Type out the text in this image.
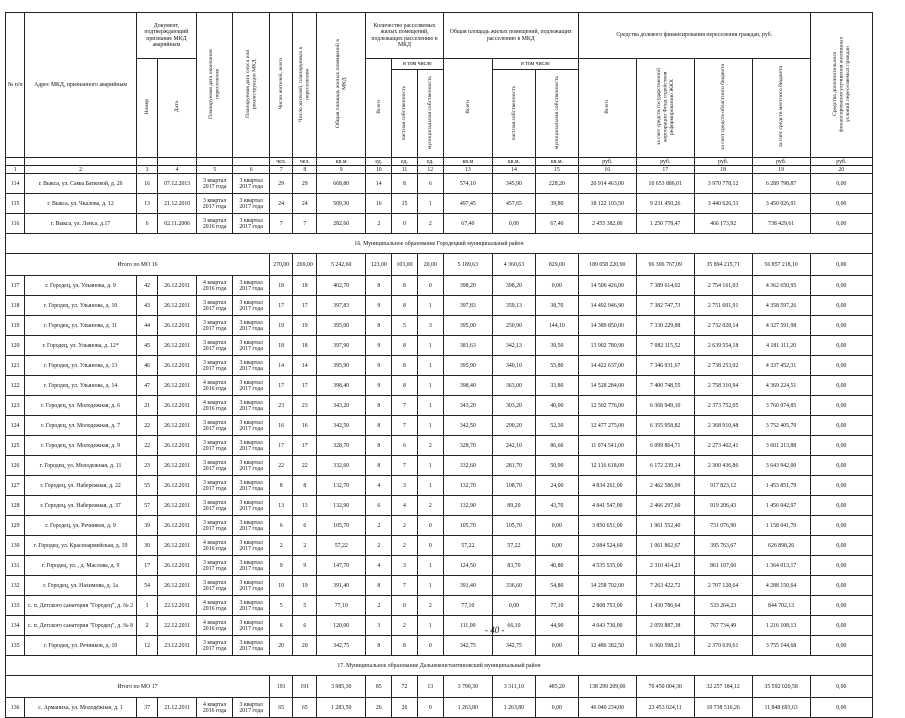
№ п/п	Адрес МКД, признанного аварийным	Документ, подтверждающий признание МКД аварийным		Планируемая дата окончания переселения	Планируемая дата сноса или реконструкции МКД	Число жителей, всего	Число жителей, планируемых к переселению	Общая площадь жилых помещений в МКД	Количество расселяемых жилых помещений, подлежащих расселению в МКД			Общая площадь жилых помещений, подлежащих расселению в МКД			Средства долевого финансирования переселения граждан, руб.				Средства дополнительного финансирования улучшения жилищных условий переселяемых граждан
		Номер	Дата						Всего	в том числе		Всего	в том числе		Всего	за счет средств государственной корпорации Фонд содействия реформированию ЖКХ	за счет средств областного бюджета	за счет средств местного бюджета	
										частная собственность	муниципальная собственность		частная собственность	муниципальная собственность					
						чел.	чел.	кв.м	ед.	ед.	ед.	кв.м	кв.м.	кв.м.	руб.	руб.	руб.	руб.	руб.
1	2	3	4	5	6	7	8	9	10	11	12	13	14	15	16	17	18	19	20
114	г. Выкса, ул. Самы Батковой, д. 26	16	07.12.2013	3 квартал 2017 года	3 квартал 2017 года	29	29	668,80	14	8	6	574,10	345,90	228,20	20 914 463,00	10 653 886,01	3 970 778,12	6 289 798,87	0,00
115	г. Выкса, ул. Чкалова, д. 12	13	21.12.2010	3 квартал 2017 года	3 квартал 2017 года	24	24	509,30	16	15	1	497,45	457,65	39,80	18 122 103,50	9 231 450,26	3 440 626,33	3 450 026,91	0,00
116	г. Выкса, ул. Ленса, д.17	6	02.11.2006	3 квартал 2016 года	3 квартал 2017 года	7	7	282,60	2	0	2	67,40	0,00	67,40	2 455 382,00	1 250 778,47	466 173,92	738 429,61	0,00
16. Муниципальное образование Городецкий муниципальный район																			
Итого по МО 16						270,00	269,00	5 242,60	123,00	103,00	20,00	5 189,63	4 360,63	829,00	189 058 220,90	96 306 767,09	35 894 215,71	56 857 218,10	0,00
117	г. Городец, ул. Ульянова, д. 9	42	26.12.2011	4 квартал 2016 года	3 квартал 2017 года	18	18	402,70	8	8	0	398,20	398,20	0,00	14 506 426,00	7 389 614,02	2 754 161,03	4 362 650,95	0,00
118	г. Городец, ул. Ульянова, д. 10	43	26.12.2011	3 квартал 2017 года	3 квартал 2017 года	17	17	397,83	9	8	1	397,83	359,13	38,70	14 492 946,90	7 382 747,73	2 751 601,91	4 358 597,26	0,00
119	г. Городец, ул. Ульянова, д. 11	44	26.12.2011	3 квартал 2017 года	3 квартал 2017 года	19	19	395,00	8	5	3	395,00	250,90	144,10	14 389 850,00	7 330 229,88	2 732 028,14	4 327 591,98	0,00
120	г. Городец, ул. Ульянова, д. 12*	45	26.12.2011	3 квартал 2017 года	3 квартал 2017 года	18	18	397,90	9	8	1	381,63	342,13	39,50	13 902 780,90	7 082 115,52	2 639 554,18	4 181 111,20	0,00
121	г. Городец, ул. Ульянова, д. 13	46	26.12.2011	3 квартал 2017 года	3 квартал 2017 года	14	14	395,90	9	8	1	395,90	340,10	55,80	14 422 637,00	7 346 931,67	2 738 253,02	4 337 452,31	0,00
122	г. Городец, ул. Ульянова, д. 14	47	26.12.2011	4 квартал 2016 года	3 квартал 2017 года	17	17	398,40	9	8	1	398,40	363,00	33,80	14 528 284,00	7 400 748,55	2 758 310,94	4 369 224,51	0,00
123	г. Городец, ул. Молодежная, д. 6	21	26.12.2011	4 квартал 2016 года	3 квартал 2017 года	23	23	343,20	8	7	1	343,20	303,20	40,00	12 502 776,00	6 368 949,10	2 373 752,05	3 760 074,85	0,00
124	г. Городец, ул. Молодежная, д. 7	22	26.12.2011	3 квартал 2017 года	3 квартал 2017 года	16	16	342,50	8	7	1	342,50	290,20	52,30	12 477 275,00	6 355 958,82	2 368 910,48	3 752 405,70	0,00
125	г. Городец, ул. Молодежная, д. 9	22	26.12.2011	3 квартал 2017 года	3 квартал 2017 года	17	17	328,70	8	6	2	328,70	242,10	86,60	11 974 541,00	6 099 864,71	2 273 462,41	3 601 213,88	0,00
126	г. Городец, ул. Молодежная, д. 11	23	26.12.2011	3 квартал 2017 года	3 квартал 2017 года	22	22	332,60	8	7	1	332,60	281,70	50,90	12 116 618,00	6 172 239,14	2 300 436,86	3 643 942,00	0,00
127	г. Городец, ул. Набережная, д. 22	55	26.12.2011	3 квартал 2017 года	3 квартал 2017 года	8	8	132,70	4	3	1	132,70	108,70	24,00	4 834 261,00	2 462 586,09	917 823,12	1 453 851,79	0,00
128	г. Городец, ул. Набережная, д. 37	57	26.12.2011	3 квартал 2017 года	3 квартал 2017 года	13	13	132,90	6	4	2	132,90	89,20	43,70	4 841 547,00	2 466 297,60	919 206,43	1 456 042,97	0,00
129	г. Городец, ул. Речников, д. 9	39	26.12.2011	3 квартал 2017 года	3 квартал 2017 года	6	6	105,70	2	2	0	105,70	105,70	0,00	3 850 651,00	1 961 552,40	731 076,90	1 158 041,70	0,00
130	г. Городец, ул. Красноармейская, д. 19	30	26.12.2011	4 квартал 2016 года	3 квартал 2017 года	2	2	57,22	2	2	0	57,22	57,22	0,00	2 084 524,60	1 061 862,67	395 763,67	626 898,26	0,00
131	г. Городец, ул. , д. Маслова, д. 9	17	26.12.2011	3 квартал 2017 года	3 квартал 2017 года	9	9	147,70	4	3	1	124,50	83,70	40,80	4 535 535,00	2 310 414,23	861 107,60	1 364 013,17	0,00
132	г. Городец, ул. Нахимова, д. 1а	54	26.12.2011	3 квартал 2017 года	3 квартал 2017 года	19	19	391,40	8	7	1	391,40	336,60	54,80	14 258 702,00	7 263 422,72	2 707 128,64	4 288 150,64	0,00
133	с. п. Детского санатория "Городец", д. № 2	1	22.12.2011	4 квартал 2016 года	3 квартал 2017 года	5	5	77,10	2	0	2	77,10	0,00	77,10	2 808 753,00	1 430 786,64	533 264,23	844 702,13	0,00
134	с. п. Детского санатория "Городец", д. № 8	2	22.12.2011	4 квартал 2016 года	3 квартал 2017 года	6	6	120,00	3	2	1	111,00	66,10	44,90	4 043 730,00	2 059 887,38	767 734,49	1 216 108,13	0,00
135	г. Городец, ул. Речников, д. 10	12	23.12.2011	3 квартал 2017 года	3 квартал 2017 года	20	20	342,75	8	8	0	342,75	342,75	0,00	12 486 382,50	6 360 598,21	2 370 639,61	3 755 144,68	0,00
17. Муниципальное образование Дальнеконстантиновский муниципальный район																			
Итого по МО 17						191	191	3 985,30	85	72	13	3 796,30	3 311,10	485,20	138 299 209,00	70 450 004,30	32 257 184,12	35 592 020,58	0,00
136	с. Арманиха, ул. Молодёжная, д. 1	37	21.12.2011	4 квартал 2016 года	3 квартал 2017 года	65	65	1 283,50	26	26	0	1 263,80	1 263,80	0,00	46 040 234,00	23 453 024,11	10 738 516,26	11 848 693,63	0,00
- 40 -
